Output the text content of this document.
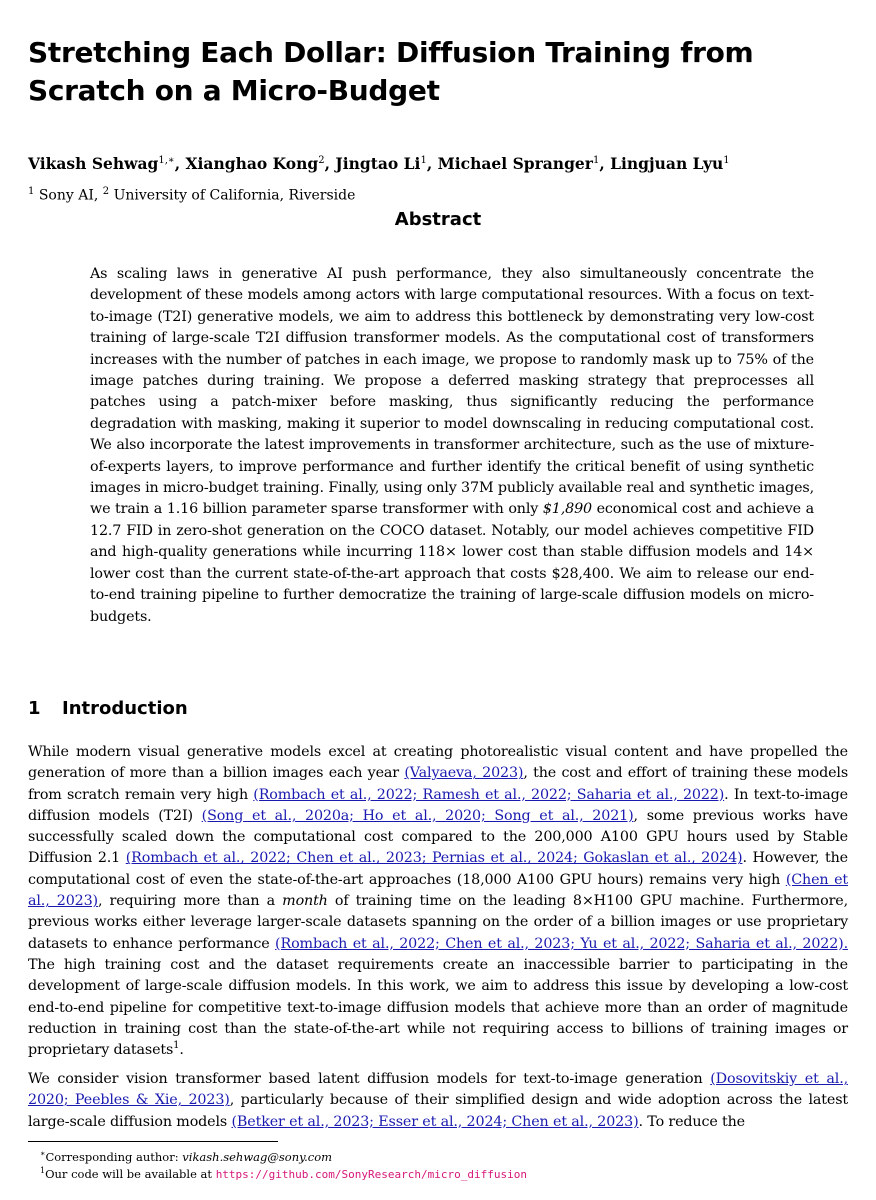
Stretching Each Dollar: Diffusion Training from Scratch on a Micro-Budget
Vikash Sehwag$^{1,∗}$, Xianghao Kong$^2$, Jingtao Li$^1$, Michael Spranger$^1$, Lingjuan Lyu$^1$
$^1$ Sony AI, $^2$ University of California, Riverside
Abstract

As scaling laws in generative AI push performance, they also simultaneously concentrate the development of these models among actors with large computational resources. With a focus on text-to-image (T2I) generative models, we aim to address this bottleneck by demonstrating very low-cost training of large-scale T2I diffusion transformer models. As the computational cost of transformers increases with the number of patches in each image, we propose to randomly mask up to 75% of the image patches during training. We propose a deferred masking strategy that preprocesses all patches using a patch-mixer before masking, thus significantly reducing the performance degradation with masking, making it superior to model downscaling in reducing computational cost. We also incorporate the latest improvements in transformer architecture, such as the use of mixture-of-experts layers, to improve performance and further identify the critical benefit of using synthetic images in micro-budget training. Finally, using only 37M publicly available real and synthetic images, we train a 1.16 billion parameter sparse transformer with only $1,890 economical cost and achieve a 12.7 FID in zero-shot generation on the COCO dataset. Notably, our model achieves competitive FID and high-quality generations while incurring 118× lower cost than stable diffusion models and 14× lower cost than the current state-of-the-art approach that costs $28,400. We aim to release our end-to-end training pipeline to further democratize the training of large-scale diffusion models on micro-budgets.

1 Introduction

While modern visual generative models excel at creating photorealistic visual content and have propelled the generation of more than a billion images each year (Valyaeva, 2023), the cost and effort of training these models from scratch remain very high (Rombach et al., 2022; Ramesh et al., 2022; Saharia et al., 2022). In text-to-image diffusion models (T2I) (Song et al., 2020a; Ho et al., 2020; Song et al., 2021), some previous works have successfully scaled down the computational cost compared to the 200,000 A100 GPU hours used by Stable Diffusion 2.1 (Rombach et al., 2022; Chen et al., 2023; Pernias et al., 2024; Gokaslan et al., 2024). However, the computational cost of even the state-of-the-art approaches (18,000 A100 GPU hours) remains very high (Chen et al., 2023), requiring more than a month of training time on the leading 8×H100 GPU machine. Furthermore, previous works either leverage larger-scale datasets spanning on the order of a billion images or use proprietary datasets to enhance performance (Rombach et al., 2022; Chen et al., 2023; Yu et al., 2022; Saharia et al., 2022). The high training cost and the dataset requirements create an inaccessible barrier to participating in the development of large-scale diffusion models. In this work, we aim to address this issue by developing a low-cost end-to-end pipeline for competitive text-to-image diffusion models that achieve more than an order of magnitude reduction in training cost than the state-of-the-art while not requiring access to billions of training images or proprietary datasets$^1$.

We consider vision transformer based latent diffusion models for text-to-image generation (Dosovitskiy et al., 2020; Peebles & Xie, 2023), particularly because of their simplified design and wide adoption across the latest large-scale diffusion models (Betker et al., 2023; Esser et al., 2024; Chen et al., 2023). To reduce the

∗Corresponding author: vikash.sehwag@sony.com
$^1$Our code will be available at https://github.com/SonyResearch/micro_diffusion
